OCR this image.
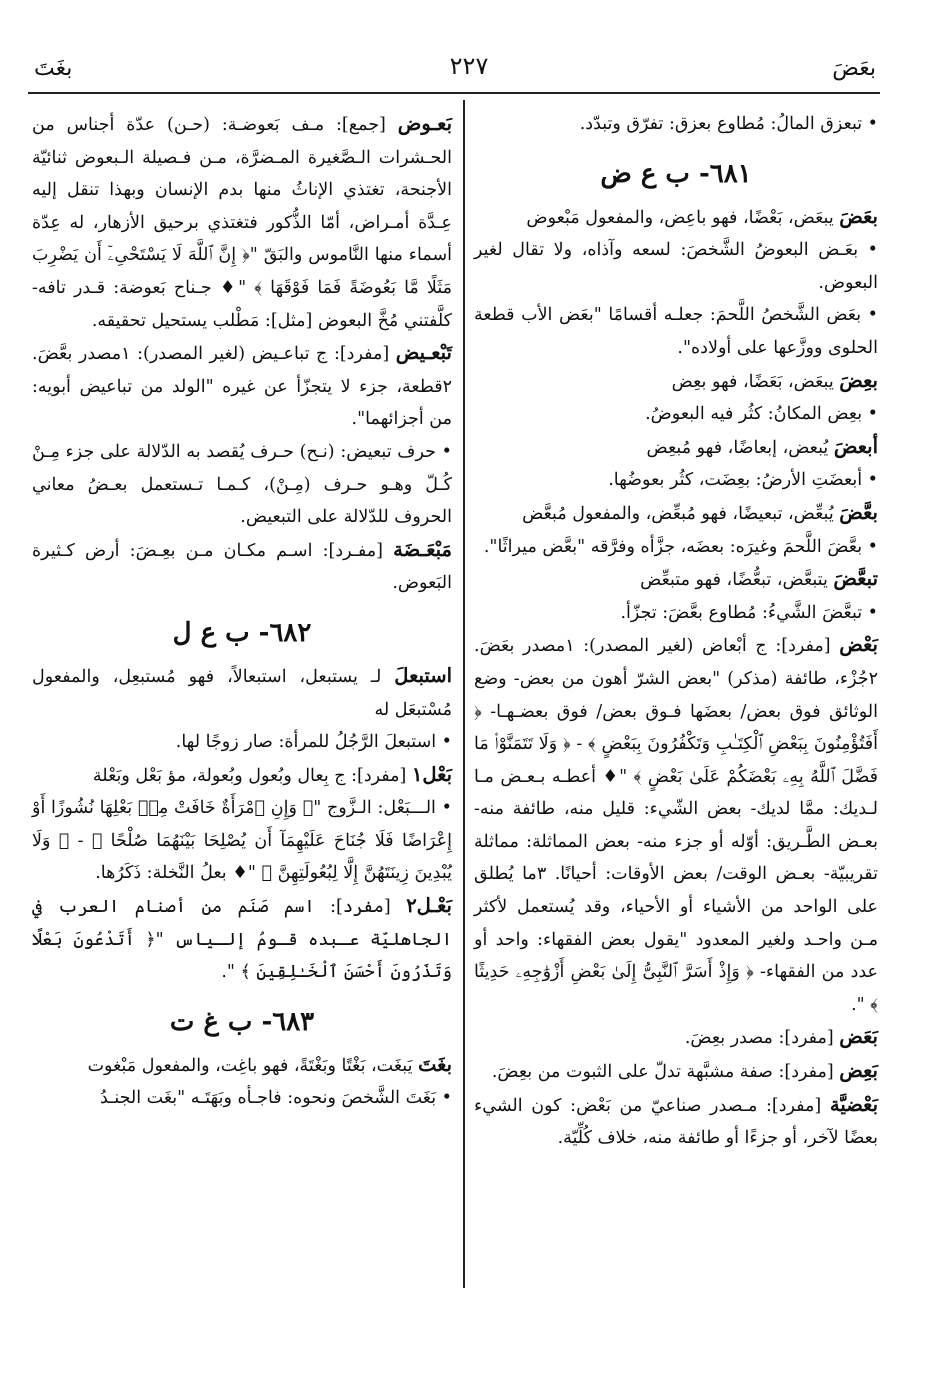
بعَضَ
٢٢٧
بغَتَ

• تبعزق المالُ: مُطاوع بعزق: تفرّق وتبدّد.

٦٨١- ب ع ض

بعَضَ يبعَض، بَعْضًا، فهو باعِض، والمفعول مَبْعوض

• بعَـض البعوضُ الشَّخصَ: لسعه وآذاه، ولا تقال لغير البعوض.

• بعَض الشَّخصُ اللَّحمَ: جعلـه أقسامًا "بعَض الأب قطعة الحلوى ووزَّعها على أولاده".

بعِضَ يبعَض، بَعَضًا، فهو بعِض

• بعِض المكانُ: كثُر فيه البعوضُ.

أبعضَ يُبعض، إبعاضًا، فهو مُبعِض

• أبعضَتِ الأرضُ: بعِضَت، كثُر بعوضُها.

بعَّضَ يُبعِّض، تبعيضًا، فهو مُبعِّض، والمفعول مُبعَّض

• بعَّضَ اللَّحمَ وغيرَه: بعضَه، جزَّأه وفرَّقه "بعَّض ميراثًا".

تبعَّضَ يتبعَّض، تبعُّضًا، فهو متبعِّض

• تبعَّضَ الشَّيءُ: مُطاوع بعَّضَ: تجزّأ.

بَعْض [مفرد]: ج أبْعاض (لغير المصدر): ١مصدر بعَضَ. ٢جُزْء، طائفة (مذكر) "بعض الشرّ أهون من بعض- وضع الوثائق فوق بعض/ بعضَها فـوق بعض/ فوق بعضـهـا- ﴿ أَفَتُؤْمِنُونَ بِبَعْضِ ٱلْكِتَـٰبِ وَتَكْفُرُونَ بِبَعْضٍ ﴾ - ﴿ وَلَا تَتَمَنَّوْا۟ مَا فَضَّلَ ٱللَّهُ بِهِۦ بَعْضَكُمْ عَلَىٰ بَعْضٍ ﴾ "♦ أعطـه بـعـض مـا لـديك: ممَّا لديك- بعض الشّيء: قليل منه، طائفة منه- بعـض الطَّـريق: أوّله أو جزء منه- بعض المماثلة: مماثلة تقريبيّة- بعـض الوقت/ بعض الأوقات: أحيانًا. ٣ما يُطلق على الواحد من الأشياء أو الأحياء، وقد يُستعمل لأكثر مـن واحـد ولغير المعدود "يقول بعض الفقهاء: واحد أو عدد من الفقهاء- ﴿ وَإِذْ أَسَرَّ ٱلنَّبِىُّ إِلَىٰ بَعْضِ أَزْوَٰجِهِۦ حَدِيثًا ﴾ ".

بَعَض [مفرد]: مصدر بعِضَ.

بَعِض [مفرد]: صفة مشبَّهة تدلّ على الثبوت من بعِضَ.

بَعْضيَّة [مفرد]: مـصدر صناعيّ من بَعْض: كون الشيء بعضًا لآخر، أو جزءًا أو طائفة منه، خلاف كُلِّيّة.

بَعـوض [جمع]: مـف بَعوضـة: (حـن) عدّة أجناس من الحـشرات الـصَّغيرة المـضرَّة، مـن فـصيلة الـبعوض ثنائيّة الأجنحة، تغتذي الإناثُ منها بدم الإنسان وبهذا تنقل إليه عِـدَّة أمـراض، أمّا الذُّكور فتغتذي برحيق الأزهار، له عِدّة أسماء منها النَّاموس والبَقّ "﴿ إِنَّ ٱللَّهَ لَا يَسْتَحْىِۦٓ أَن يَضْرِبَ مَثَلًا مَّا بَعُوضَةً فَمَا فَوْقَهَا ﴾ "♦ جـناح بَعوضة: قـدر تافه- كلَّفتني مُخَّ البعوض [مثل]: مَطْلب يستحيل تحقيقه.

تَبْعـيض [مفرد]: ج تباعـيض (لغير المصدر): ١مصدر بعَّضَ. ٢قطعة، جزء لا يتجزّأ عن غيره "الولد من تباعيض أبويه: من أجزائهما".

• حرف تبعيض: (نـح) حـرف يُقصد به الدّلالة على جزء مِـنْ كُـلّ وهـو حـرف (مِـنْ)، كـمـا تـستعمل بعـضُ معاني الحروف للدّلالة على التبعيض.

مَبْعَـضَة [مفـرد]: اسـم مكـان مـن بعِـضَ: أرض كـثيرة البَعوض.

٦٨٢- ب ع ل

استبعلَ لـ يستبعل، استبعالاً، فهو مُستبعِل، والمفعول مُسْتبعَل له

• استبعلَ الرَّجُلُ للمرأة: صار زوجًا لها.

بَعْل١ [مفرد]: ج بِعال وبُعول وبُعولة، مؤ بَعْل وبَعْلة

• الـــبَعْل: الـزَّوج "﴿ وَإِنِ ٱمْرَأَةٌ خَافَتْ مِنۢ بَعْلِهَا نُشُوزًا أَوْ إِعْرَاضًا فَلَا جُنَاحَ عَلَيْهِمَآ أَن يُصْلِحَا بَيْنَهُمَا صُلْحًا ﴾ - ﴿ وَلَا يُبْدِينَ زِينَتَهُنَّ إِلَّا لِبُعُولَتِهِنَّ ﴾ "♦ بعلُ النَّخلة: ذَكَرُها.

بَعْـل٢ [مفرد]: اسم صَنَم من أصنام العرب في الجاهليّة عـبده قـومُ إلـياس "﴿ أَتَدْعُونَ بَعْلًا وَتَذَرُونَ أَحْسَنَ ٱلْخَـٰلِقِينَ ﴾ ".

٦٨٣- ب غ ت

بغَتَ يَبغَت، بَغْتًا وبَغْتَةً، فهو باغِت، والمفعول مَبْغوت

• بَغَتَ الشَّخصَ ونحوه: فاجـأه وبَهَتَـه "بغَت الجنـدُ
